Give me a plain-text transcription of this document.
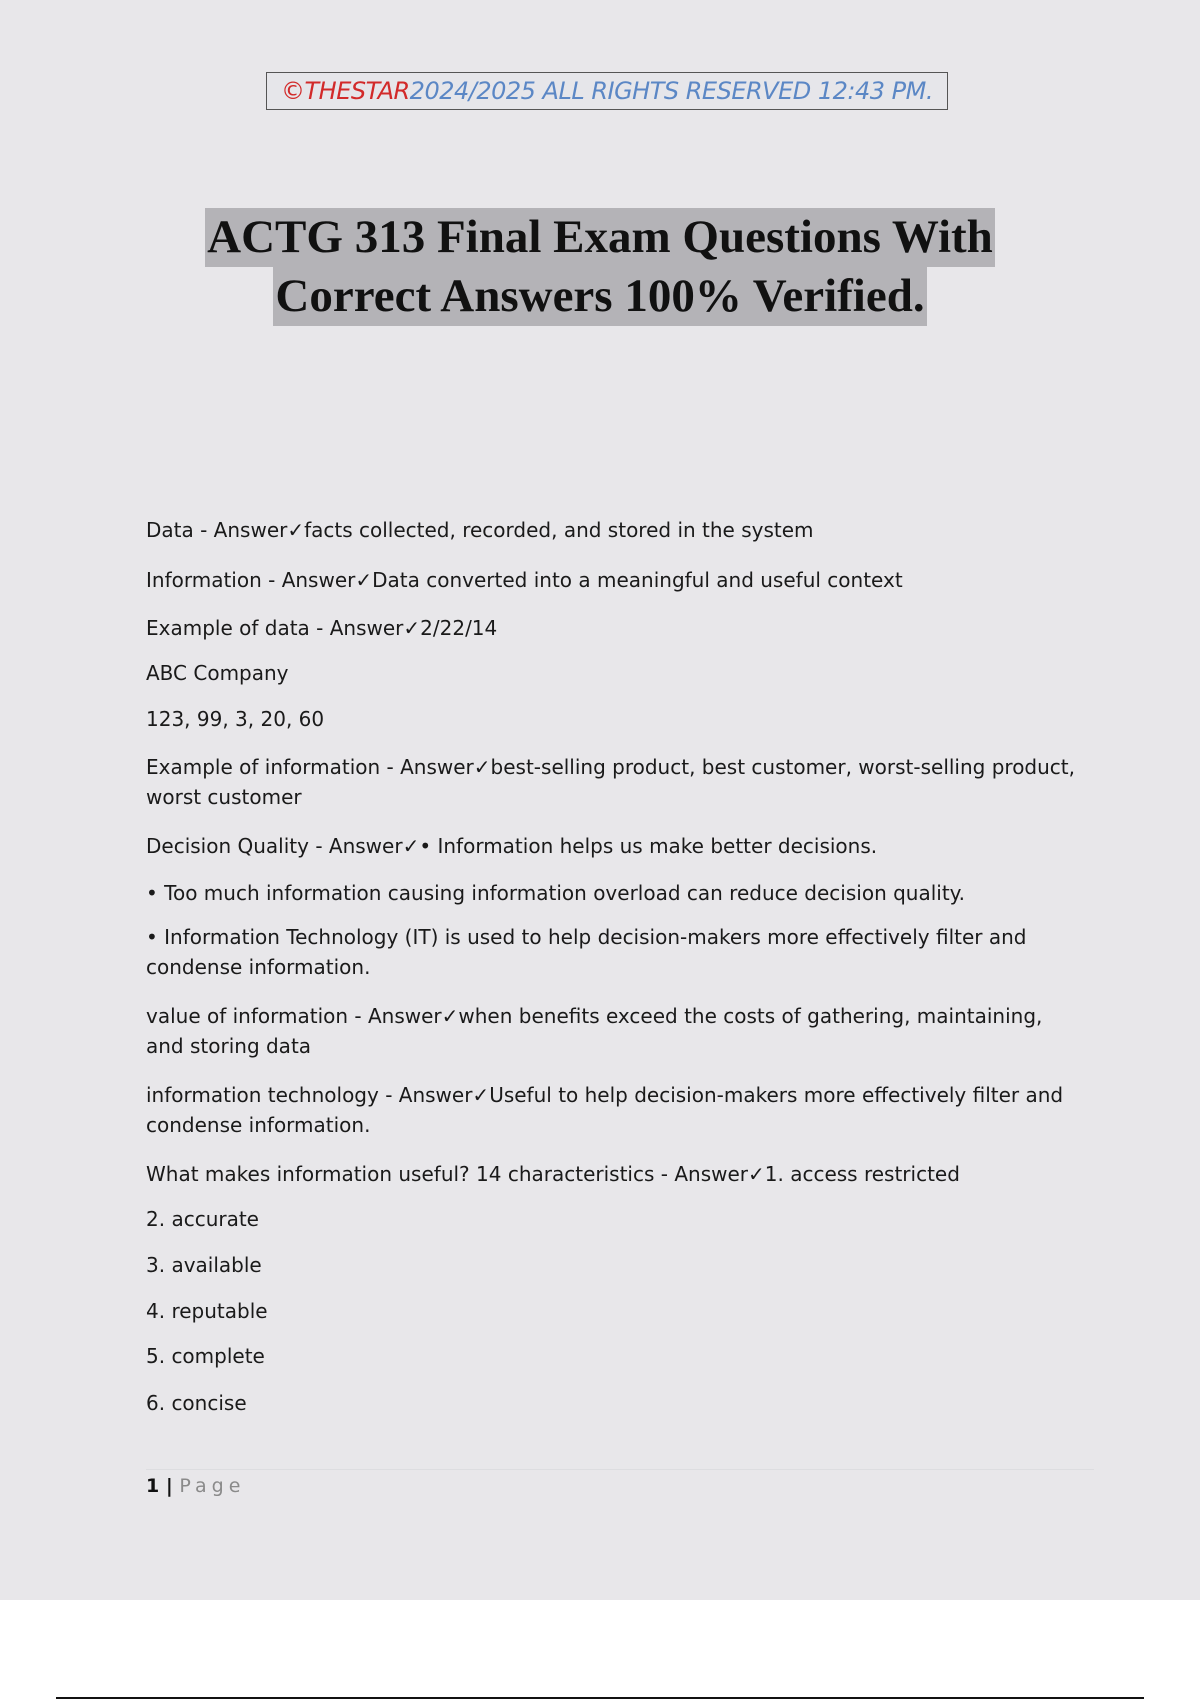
©THESTAR 2024/2025 ALL RIGHTS RESERVED 12:43 PM.
ACTG 313 Final Exam Questions With
Correct Answers 100% Verified.

Data - Answer✓facts collected, recorded, and stored in the system

Information - Answer✓Data converted into a meaningful and useful context

Example of data - Answer✓2/22/14

ABC Company

123, 99, 3, 20, 60

Example of information - Answer✓best-selling product, best customer, worst-selling product, worst customer

Decision Quality - Answer✓• Information helps us make better decisions.

• Too much information causing information overload can reduce decision quality.

• Information Technology (IT) is used to help decision-makers more effectively filter and condense information.

value of information - Answer✓when benefits exceed the costs of gathering, maintaining, and storing data

information technology - Answer✓Useful to help decision-makers more effectively filter and condense information.

What makes information useful? 14 characteristics - Answer✓1. access restricted

2. accurate

3. available

4. reputable

5. complete

6. concise

1 | Page
